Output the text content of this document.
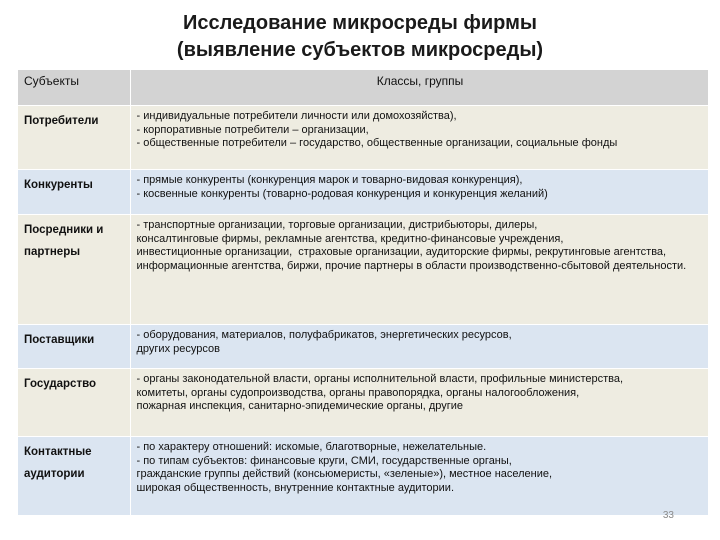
Исследование микросреды фирмы
(выявление субъектов микросреды)
Субъекты	Классы, группы
Потребители	- индивидуальные потребители личности или домохозяйства),
- корпоративные потребители – организации,
- общественные потребители – государство, общественные организации, социальные фонды

Конкуренты	- прямые конкуренты (конкуренция марок и товарно-видовая конкуренция),
- косвенные конкуренты (товарно-родовая конкуренция и конкуренция желаний)

Посредники и партнеры	- транспортные организации, торговые организации, дистрибьюторы, дилеры,
консалтинговые фирмы, рекламные агентства, кредитно-финансовые учреждения,
инвестиционные организации,  страховые организации, аудиторские фирмы, рекрутинговые агентства,
информационные агентства, биржи, прочие партнеры в области производственно-сбытовой деятельности.

Поставщики	- оборудования, материалов, полуфабрикатов, энергетических ресурсов,
других ресурсов

Государство	- органы законодательной власти, органы исполнительной власти, профильные министерства,
комитеты, органы судопроизводства, органы правопорядка, органы налогообложения,
пожарная инспекция, санитарно-эпидемические органы, другие

Контактные аудитории	- по характеру отношений: искомые, благотворные, нежелательные.
- по типам субъектов: финансовые круги, СМИ, государственные органы,
гражданские группы действий (консьюмеристы, «зеленые»), местное население,
широкая общественность, внутренние контактные аудитории.
33
